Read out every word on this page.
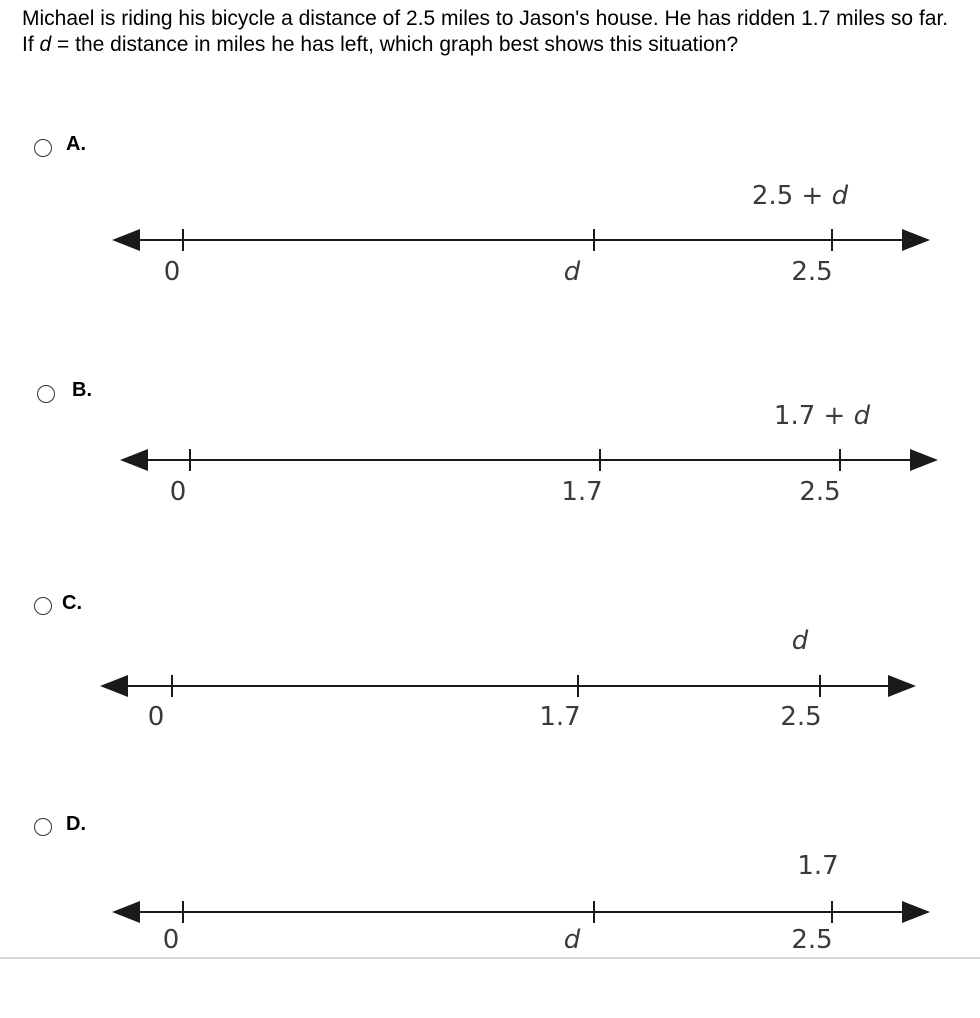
Michael is riding his bicycle a distance of 2.5 miles to Jason's house. He has ridden 1.7 miles so far. If d = the distance in miles he has left, which graph best shows this situation?

A.
0	d	2.5
2.5 + d
B.
0	1.7	2.5
1.7 + d
C.
0	1.7	2.5
d
D.
0	d	2.5
1.7
